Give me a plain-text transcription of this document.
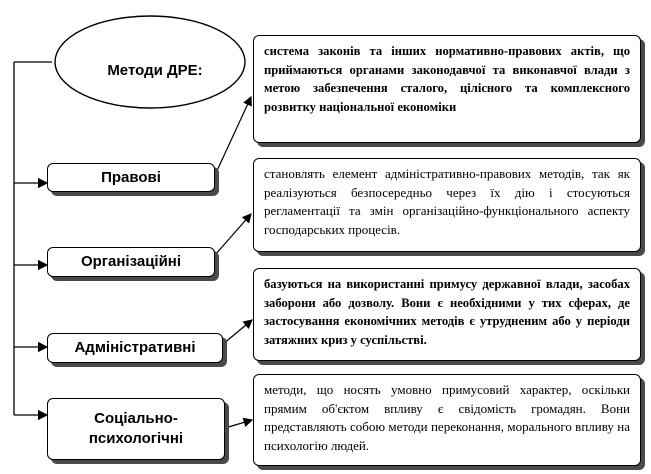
Методи ДРЕ:
Правові
Організаційні
Адміністративні
Соціально-
психологічні

система законів та інших нормативно-правових актів, що приймаються органами законодавчої та виконавчої влади з метою забезпечення сталого, цілісного та комплексного розвитку національної економіки

становлять елемент адміністративно-правових методів, так як реалізуються безпосередньо через їх дію і стосуються регламентації та змін організаційно-функціонального аспекту господарських процесів.

базуються на використанні примусу державної влади, засобах заборони або дозволу. Вони є необхідними у тих сферах, де застосування економічних методів є утрудненим або у періоди затяжних криз у суспільстві.

методи, що носять умовно примусовий характер, оскільки прямим об'єктом впливу є свідомість громадян. Вони представляють собою методи переконання, морального впливу на психологію людей.
